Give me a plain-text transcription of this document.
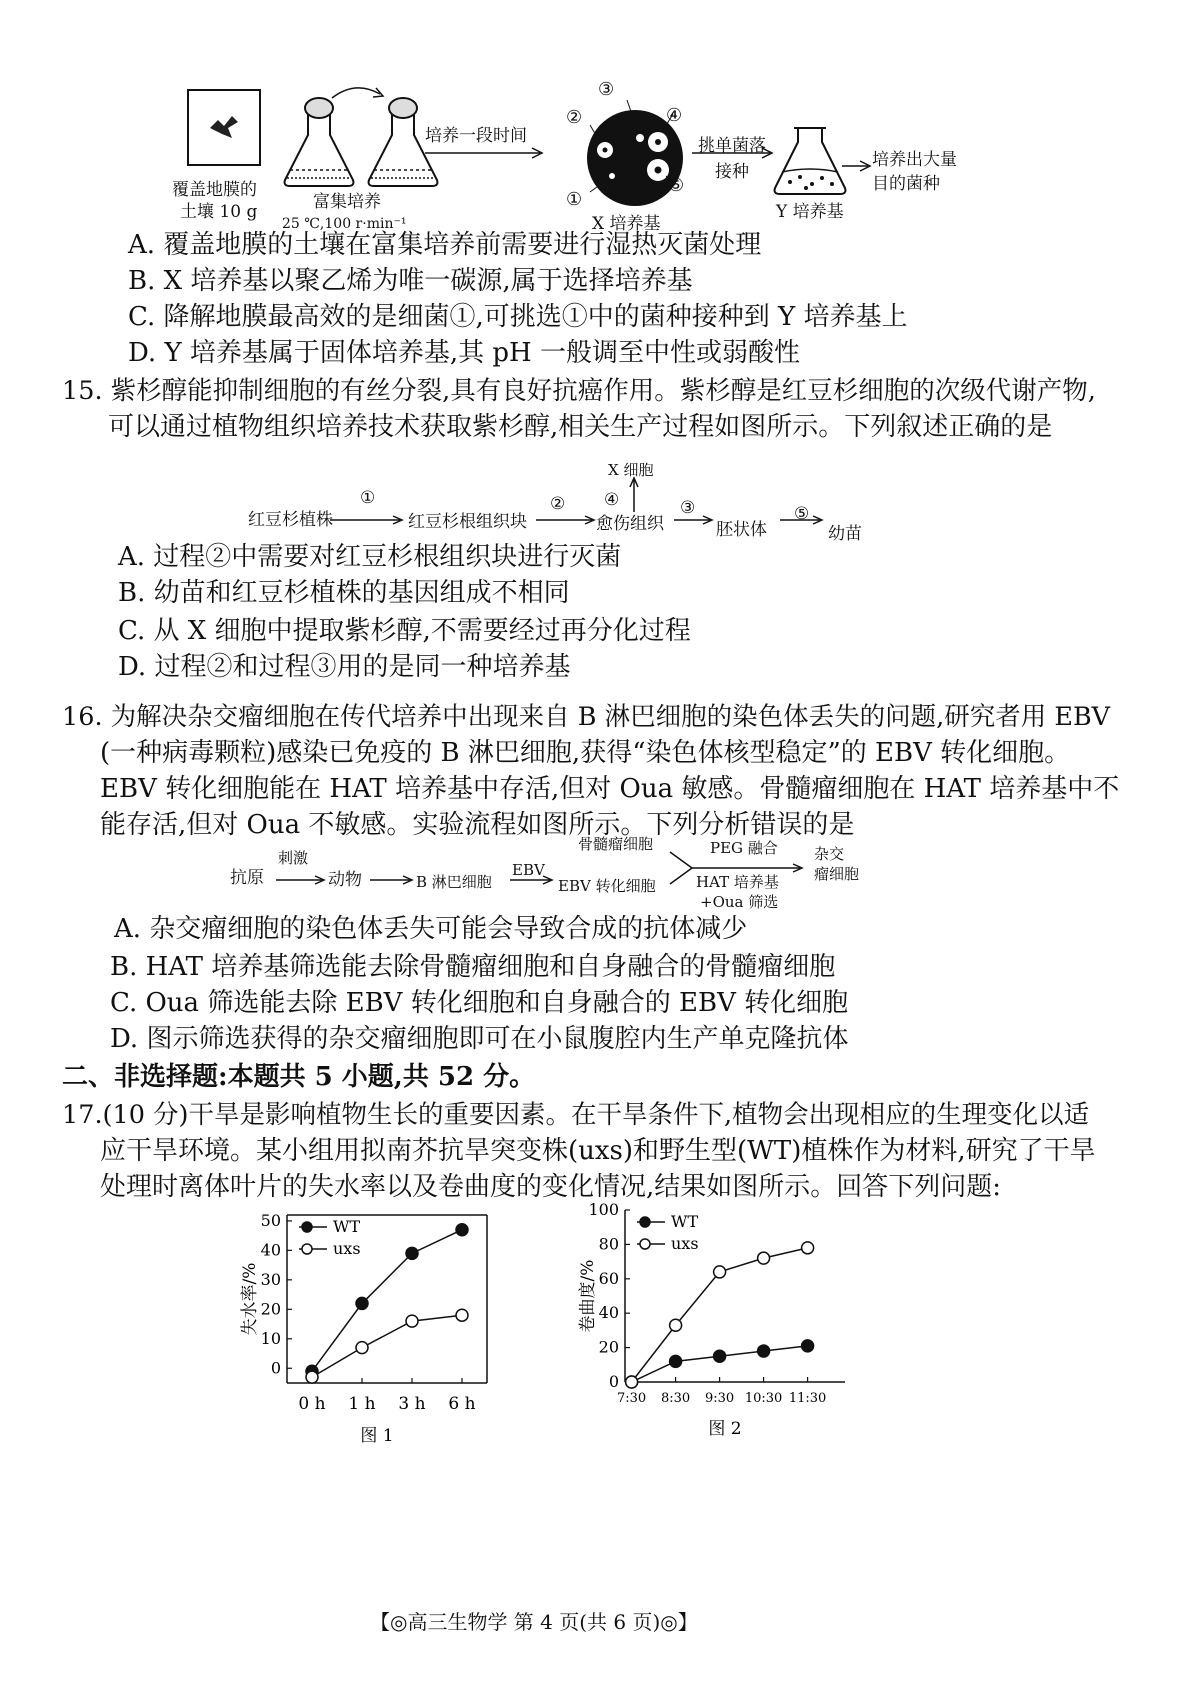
覆盖地膜的
土壤 10 g	富集培养
25 ℃,100 r·min⁻¹
培养一段时间
X 培养基
①
②
③
④
⑤
挑单菌落
接种
Y 培养基
培养出大量
目的菌种
A. 覆盖地膜的土壤在富集培养前需要进行湿热灭菌处理
B. X 培养基以聚乙烯为唯一碳源,属于选择培养基
C. 降解地膜最高效的是细菌①,可挑选①中的菌种接种到 Y 培养基上
D. Y 培养基属于固体培养基,其 pH 一般调至中性或弱酸性
15. 紫杉醇能抑制细胞的有丝分裂,具有良好抗癌作用。紫杉醇是红豆杉细胞的次级代谢产物,
可以通过植物组织培养技术获取紫杉醇,相关生产过程如图所示。下列叙述正确的是
红豆杉植株
①
红豆杉根组织块
②
愈伤组织
④
X 细胞
③
胚状体
⑤
幼苗
A. 过程②中需要对红豆杉根组织块进行灭菌
B. 幼苗和红豆杉植株的基因组成不相同
C. 从 X 细胞中提取紫杉醇,不需要经过再分化过程
D. 过程②和过程③用的是同一种培养基
16. 为解决杂交瘤细胞在传代培养中出现来自 B 淋巴细胞的染色体丢失的问题,研究者用 EBV
(一种病毒颗粒)感染已免疫的 B 淋巴细胞,获得“染色体核型稳定”的 EBV 转化细胞。
EBV 转化细胞能在 HAT 培养基中存活,但对 Oua 敏感。骨髓瘤细胞在 HAT 培养基中不
能存活,但对 Oua 不敏感。实验流程如图所示。下列分析错误的是
抗原
刺激
动物	B 淋巴细胞
EBV
EBV 转化细胞
骨髓瘤细胞	PEG 融合
HAT 培养基
+Oua 筛选
杂交
瘤细胞
A. 杂交瘤细胞的染色体丢失可能会导致合成的抗体减少
B. HAT 培养基筛选能去除骨髓瘤细胞和自身融合的骨髓瘤细胞
C. Oua 筛选能去除 EBV 转化细胞和自身融合的 EBV 转化细胞
D. 图示筛选获得的杂交瘤细胞即可在小鼠腹腔内生产单克隆抗体
二、非选择题:本题共 5 小题,共 52 分。
17.(10 分)干旱是影响植物生长的重要因素。在干旱条件下,植物会出现相应的生理变化以适
应干旱环境。某小组用拟南芥抗旱突变株(uxs)和野生型(WT)植株作为材料,研究了干旱
处理时离体叶片的失水率以及卷曲度的变化情况,结果如图所示。回答下列问题:
0
10
20
30
40
50
0 h 1 h 3 h 6 h
失水率/%
图 1
WT
uxs
0
20
40
60
80
100
7:30 8:30 9:30 10:30 11:30
卷曲度/%
图 2
WT
uxs
【◎高三生物学 第 4 页(共 6 页)◎】
